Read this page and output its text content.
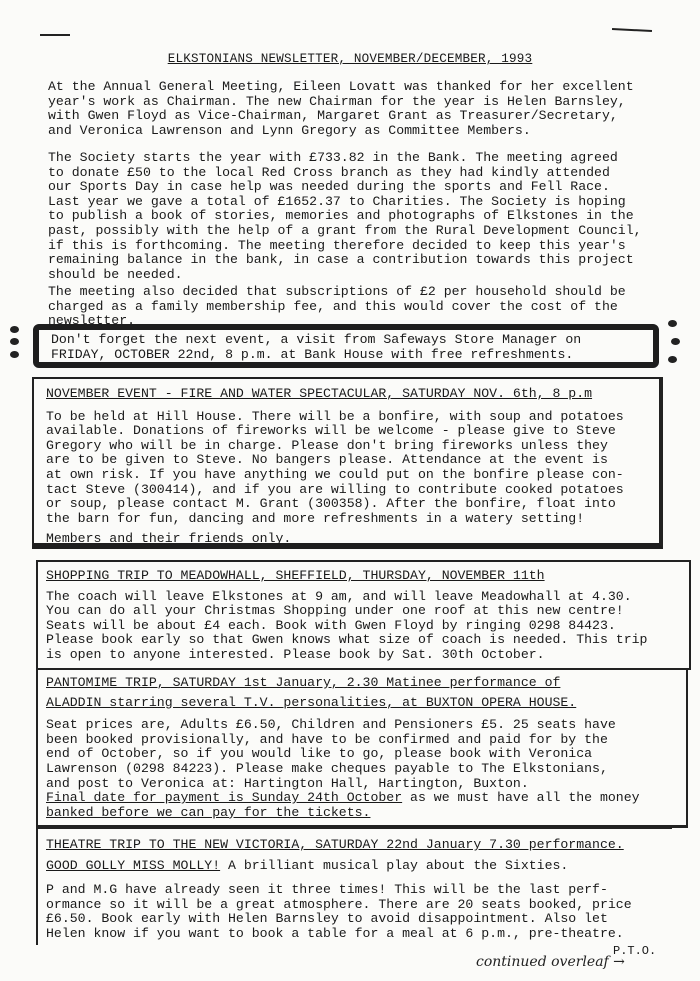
ELKSTONIANS NEWSLETTER, NOVEMBER/DECEMBER, 1993

At the Annual General Meeting, Eileen Lovatt was thanked for her excellent
year's work as Chairman. The new Chairman for the year is Helen Barnsley,
with Gwen Floyd as Vice-Chairman, Margaret Grant as Treasurer/Secretary,
and Veronica Lawrenson and Lynn Gregory as Committee Members.

The Society starts the year with £733.82 in the Bank. The meeting agreed
to donate £50 to the local Red Cross branch as they had kindly attended
our Sports Day in case help was needed during the sports and Fell Race.
Last year we gave a total of £1652.37 to Charities. The Society is hoping
to publish a book of stories, memories and photographs of Elkstones in the
past, possibly with the help of a grant from the Rural Development Council,
if this is forthcoming. The meeting therefore decided to keep this year's
remaining balance in the bank, in case a contribution towards this project
should be needed.

The meeting also decided that subscriptions of £2 per household should be
charged as a family membership fee, and this would cover the cost of the
newsletter.

Don't forget the next event, a visit from Safeways Store Manager on
FRIDAY, OCTOBER 22nd, 8 p.m. at Bank House with free refreshments.
NOVEMBER EVENT - FIRE AND WATER SPECTACULAR, SATURDAY NOV. 6th, 8 p.m
To be held at Hill House. There will be a bonfire, with soup and potatoes
available. Donations of fireworks will be welcome - please give to Steve
Gregory who will be in charge. Please don't bring fireworks unless they
are to be given to Steve. No bangers please. Attendance at the event is
at own risk. If you have anything we could put on the bonfire please con-
tact Steve (300414), and if you are willing to contribute cooked potatoes
or soup, please contact M. Grant (300358). After the bonfire, float into
the barn for fun, dancing and more refreshments in a watery setting!
Members and their friends only.
SHOPPING TRIP TO MEADOWHALL, SHEFFIELD, THURSDAY, NOVEMBER 11th
The coach will leave Elkstones at 9 am, and will leave Meadowhall at 4.30.
You can do all your Christmas Shopping under one roof at this new centre!
Seats will be about £4 each. Book with Gwen Floyd by ringing 0298 84423.
Please book early so that Gwen knows what size of coach is needed. This trip
is open to anyone interested. Please book by Sat. 30th October.
PANTOMIME TRIP, SATURDAY 1st January, 2.30 Matinee performance of
ALADDIN starring several T.V. personalities, at BUXTON OPERA HOUSE.
Seat prices are, Adults £6.50, Children and Pensioners £5. 25 seats have
been booked provisionally, and have to be confirmed and paid for by the
end of October, so if you would like to go, please book with Veronica
Lawrenson (0298 84223). Please make cheques payable to The Elkstonians,
and post to Veronica at: Hartington Hall, Hartington, Buxton.
Final date for payment is Sunday 24th October as we must have all the money
banked before we can pay for the tickets.
THEATRE TRIP TO THE NEW VICTORIA, SATURDAY 22nd January 7.30 performance.
GOOD GOLLY MISS MOLLY! A brilliant musical play about the Sixties.
P and M.G have already seen it three times! This will be the last perf-
ormance so it will be a great atmosphere. There are 20 seats booked, price
£6.50. Book early with Helen Barnsley to avoid disappointment. Also let
Helen know if you want to book a table for a meal at 6 p.m., pre-theatre.
P.T.O.
continued overleaf →
